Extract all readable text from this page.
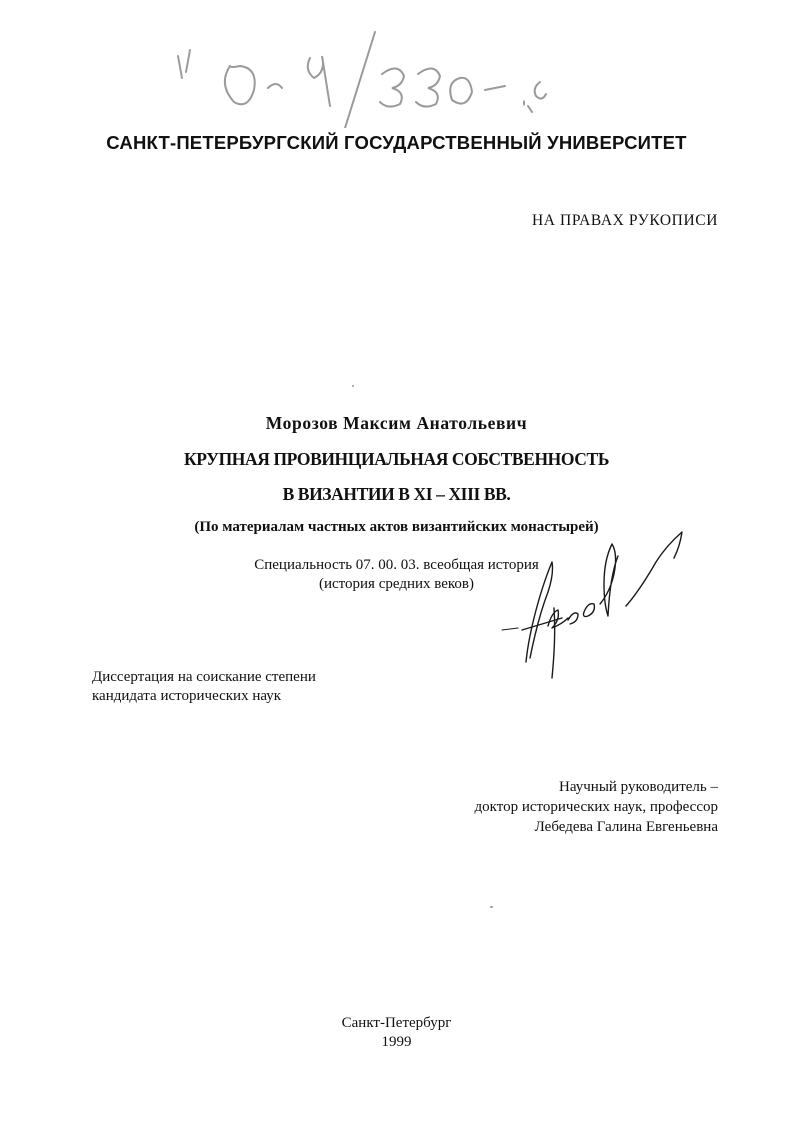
САНКТ-ПЕТЕРБУРГСКИЙ ГОСУДАРСТВЕННЫЙ УНИВЕРСИТЕТ

НА ПРАВАХ РУКОПИСИ

Морозов Максим Анатольевич

КРУПНАЯ ПРОВИНЦИАЛЬНАЯ СОБСТВЕННОСТЬ

В ВИЗАНТИИ В XI – XIII ВВ.

(По материалам частных актов византийских монастырей)

Специальность 07. 00. 03. всеобщая история

(история средних веков)

Диссертация на соискание степени
кандидата исторических наук
Научный руководитель –
доктор исторических наук, профессор
Лебедева Галина Евгеньевна

Санкт-Петербург

1999
